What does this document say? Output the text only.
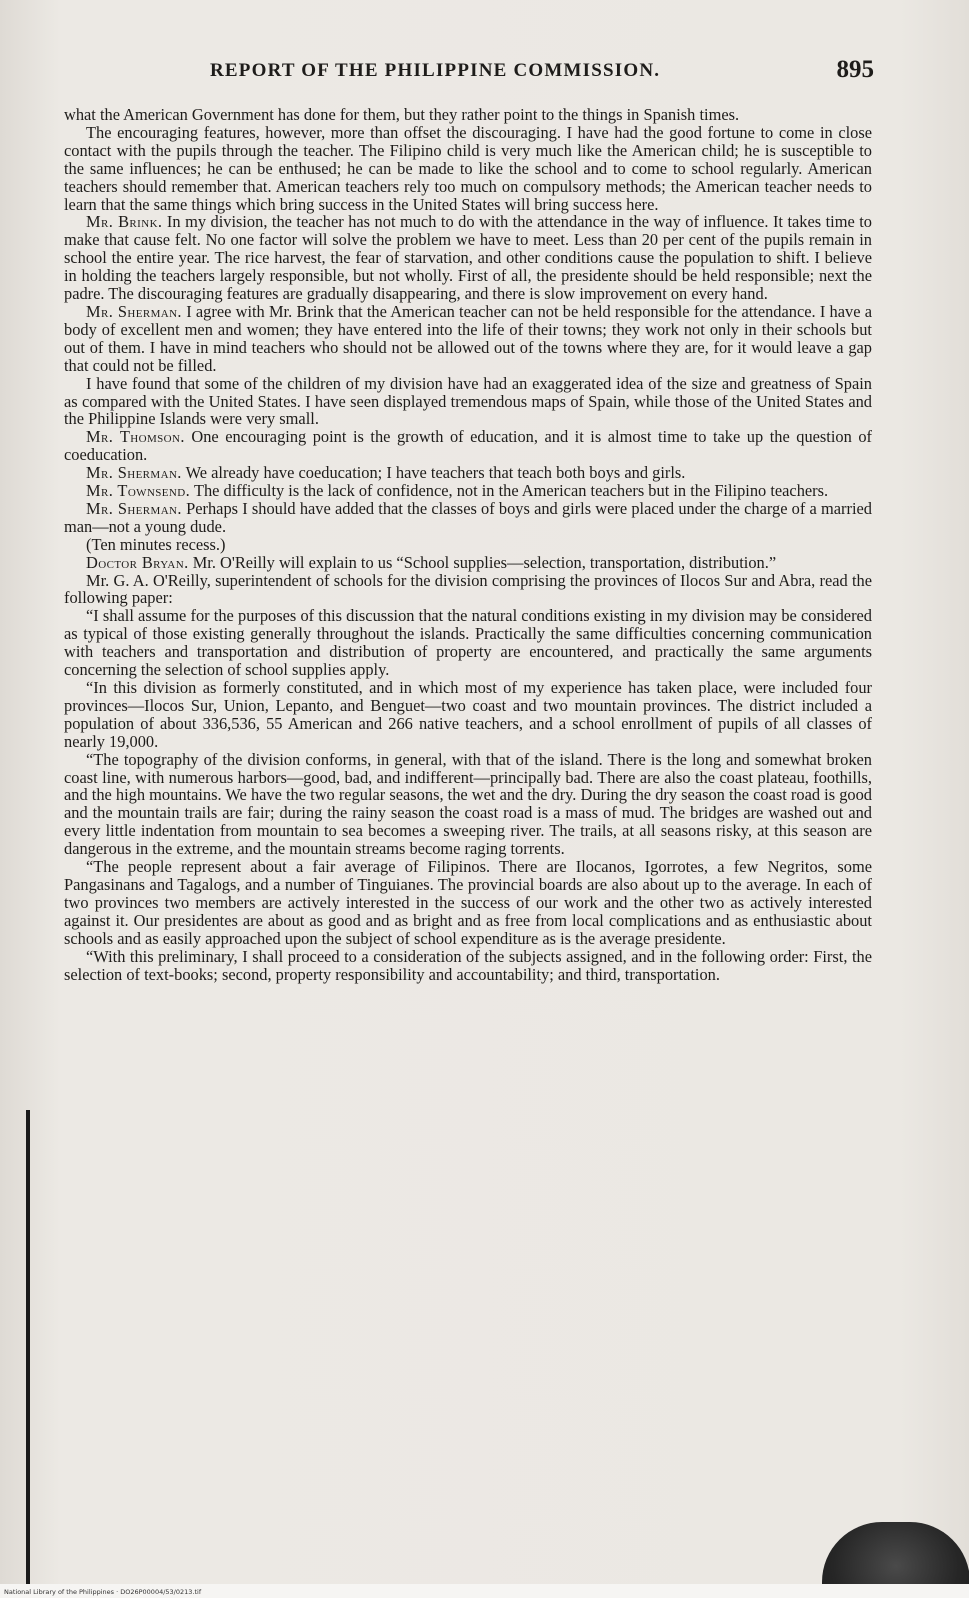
REPORT OF THE PHILIPPINE COMMISSION.	895

what the American Government has done for them, but they rather point to the things in Spanish times.

The encouraging features, however, more than offset the discouraging. I have had the good fortune to come in close contact with the pupils through the teacher. The Filipino child is very much like the American child; he is susceptible to the same influences; he can be enthused; he can be made to like the school and to come to school regularly. American teachers should remember that. American teachers rely too much on compulsory methods; the American teacher needs to learn that the same things which bring success in the United States will bring success here.

Mr. Brink. In my division, the teacher has not much to do with the attendance in the way of influence. It takes time to make that cause felt. No one factor will solve the problem we have to meet. Less than 20 per cent of the pupils remain in school the entire year. The rice harvest, the fear of starvation, and other conditions cause the population to shift. I believe in holding the teachers largely responsible, but not wholly. First of all, the presidente should be held responsible; next the padre. The discouraging features are gradually disappearing, and there is slow improvement on every hand.

Mr. Sherman. I agree with Mr. Brink that the American teacher can not be held responsible for the attendance. I have a body of excellent men and women; they have entered into the life of their towns; they work not only in their schools but out of them. I have in mind teachers who should not be allowed out of the towns where they are, for it would leave a gap that could not be filled.

I have found that some of the children of my division have had an exaggerated idea of the size and greatness of Spain as compared with the United States. I have seen displayed tremendous maps of Spain, while those of the United States and the Philippine Islands were very small.

Mr. Thomson. One encouraging point is the growth of education, and it is almost time to take up the question of coeducation.

Mr. Sherman. We already have coeducation; I have teachers that teach both boys and girls.

Mr. Townsend. The difficulty is the lack of confidence, not in the American teachers but in the Filipino teachers.

Mr. Sherman. Perhaps I should have added that the classes of boys and girls were placed under the charge of a married man—not a young dude.

(Ten minutes recess.)

Doctor Bryan. Mr. O'Reilly will explain to us “School supplies—selection, transportation, distribution.”

Mr. G. A. O'Reilly, superintendent of schools for the division comprising the provinces of Ilocos Sur and Abra, read the following paper:

“I shall assume for the purposes of this discussion that the natural conditions existing in my division may be considered as typical of those existing generally throughout the islands. Practically the same difficulties concerning communication with teachers and transportation and distribution of property are encountered, and practically the same arguments concerning the selection of school supplies apply.

“In this division as formerly constituted, and in which most of my experience has taken place, were included four provinces—Ilocos Sur, Union, Lepanto, and Benguet—two coast and two mountain provinces. The district included a population of about 336,536, 55 American and 266 native teachers, and a school enrollment of pupils of all classes of nearly 19,000.

“The topography of the division conforms, in general, with that of the island. There is the long and somewhat broken coast line, with numerous harbors—good, bad, and indifferent—principally bad. There are also the coast plateau, foothills, and the high mountains. We have the two regular seasons, the wet and the dry. During the dry season the coast road is good and the mountain trails are fair; during the rainy season the coast road is a mass of mud. The bridges are washed out and every little indentation from mountain to sea becomes a sweeping river. The trails, at all seasons risky, at this season are dangerous in the extreme, and the mountain streams become raging torrents.

“The people represent about a fair average of Filipinos. There are Ilocanos, Igorrotes, a few Negritos, some Pangasinans and Tagalogs, and a number of Tinguianes. The provincial boards are also about up to the average. In each of two provinces two members are actively interested in the success of our work and the other two as actively interested against it. Our presidentes are about as good and as bright and as free from local complications and as enthusiastic about schools and as easily approached upon the subject of school expenditure as is the average presidente.

“With this preliminary, I shall proceed to a consideration of the subjects assigned, and in the following order: First, the selection of text-books; second, property responsibility and accountability; and third, transportation.

National Library of the Philippines · DO26P00004/53/0213.tif
